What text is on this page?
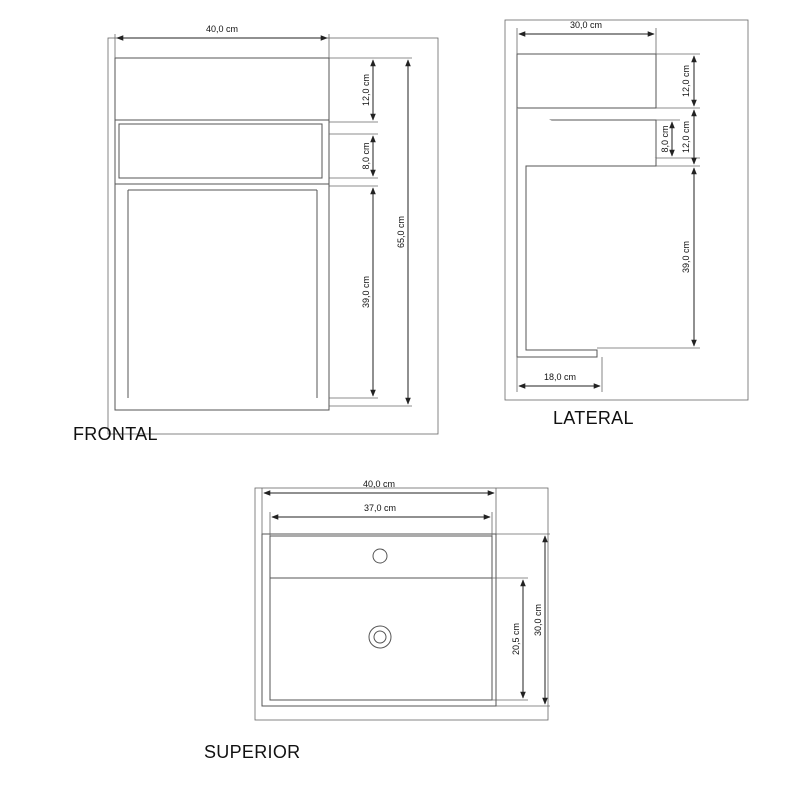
40,0 cm
12,0 cm
8,0 cm
39,0 cm
65,0 cm
30,0 cm
12,0 cm
8,0 cm 12,0 cm
39,0 cm
18,0 cm
40,0 cm
37,0 cm
20,5 cm
30,0 cm
FRONTAL
LATERAL
SUPERIOR
